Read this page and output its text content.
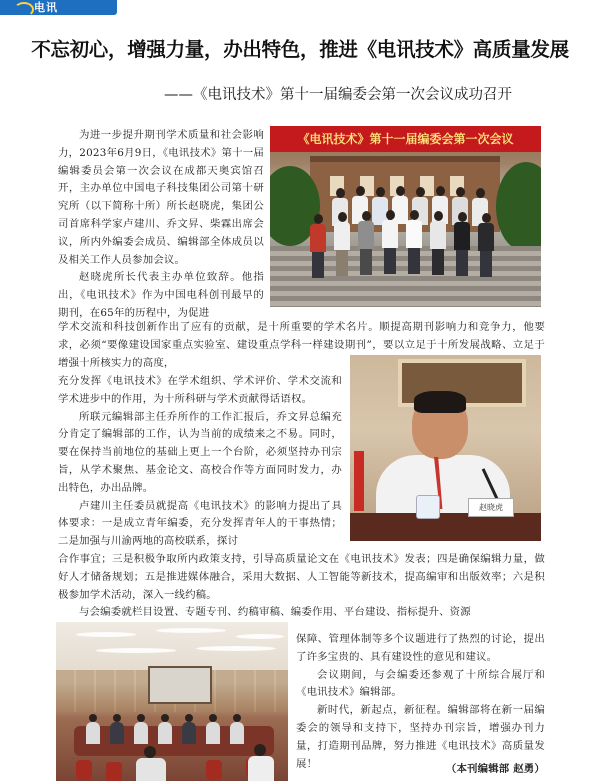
电讯
不忘初心，增强力量，办出特色，推进《电讯技术》高质量发展
——《电讯技术》第十一届编委会第一次会议成功召开

为进一步提升期刊学术质量和社会影响力，2023年6月9日，《电讯技术》第十一届编辑委员会第一次会议在成都天奥宾馆召开，主办单位中国电子科技集团公司第十研究所（以下简称十所）所长赵晓虎，集团公司首席科学家卢建川、乔文昇、柴霖出席会议，所内外编委会成员、编辑部全体成员以及相关工作人员参加会议。

赵晓虎所长代表主办单位致辞。他指出，《电讯技术》作为中国电科创刊最早的期刊，在65年的历程中，为促进

《电讯技术》第十一届编委会第一次会议

学术交流和科技创新作出了应有的贡献，是十所重要的学术名片。顺提高期刊影响力和竞争力，他要求，必须“要像建设国家重点实验室、建设重点学科一样建设期刊”，要以立足于十所发展战略、立足于增强十所核实力的高度，

充分发挥《电讯技术》在学术组织、学术评价、学术交流和学术进步中的作用，为十所科研与学术贡献得话语权。

所联元编辑部主任乔所作的工作汇报后，乔文昇总编充分肯定了编辑部的工作，认为当前的成绩来之不易。同时，要在保持当前地位的基础上更上一个台阶，必须坚持办刊宗旨，从学术聚焦、基金论文、高校合作等方面同时发力，办出特色，办出品牌。

卢建川主任委员就提高《电讯技术》的影响力提出了具体要求：一是成立青年编委，充分发挥青年人的干事热情；二是加强与川渝两地的高校联系，探讨

赵晓虎

合作事宜；三是积极争取所内政策支持，引导高质量论文在《电讯技术》发表；四是确保编辑力量，做好人才储备规划；五是推进媒体融合，采用大数据、人工智能等新技术，提高编审和出版效率；六是积极参加学术活动，深入一线约稿。

与会编委就栏目设置、专题专刊、约稿审稿、编委作用、平台建设、指标提升、资源

保障、管理体制等多个议题进行了热烈的讨论，提出了许多宝贵的、具有建设性的意见和建议。

会议期间，与会编委还参观了十所综合展厅和《电讯技术》编辑部。

新时代，新起点，新征程。编辑部将在新一届编委会的领导和支持下，坚持办刊宗旨，增强办刊力量，打造期刊品牌，努力推进《电讯技术》高质量发展！	（本刊编辑部 赵勇）
